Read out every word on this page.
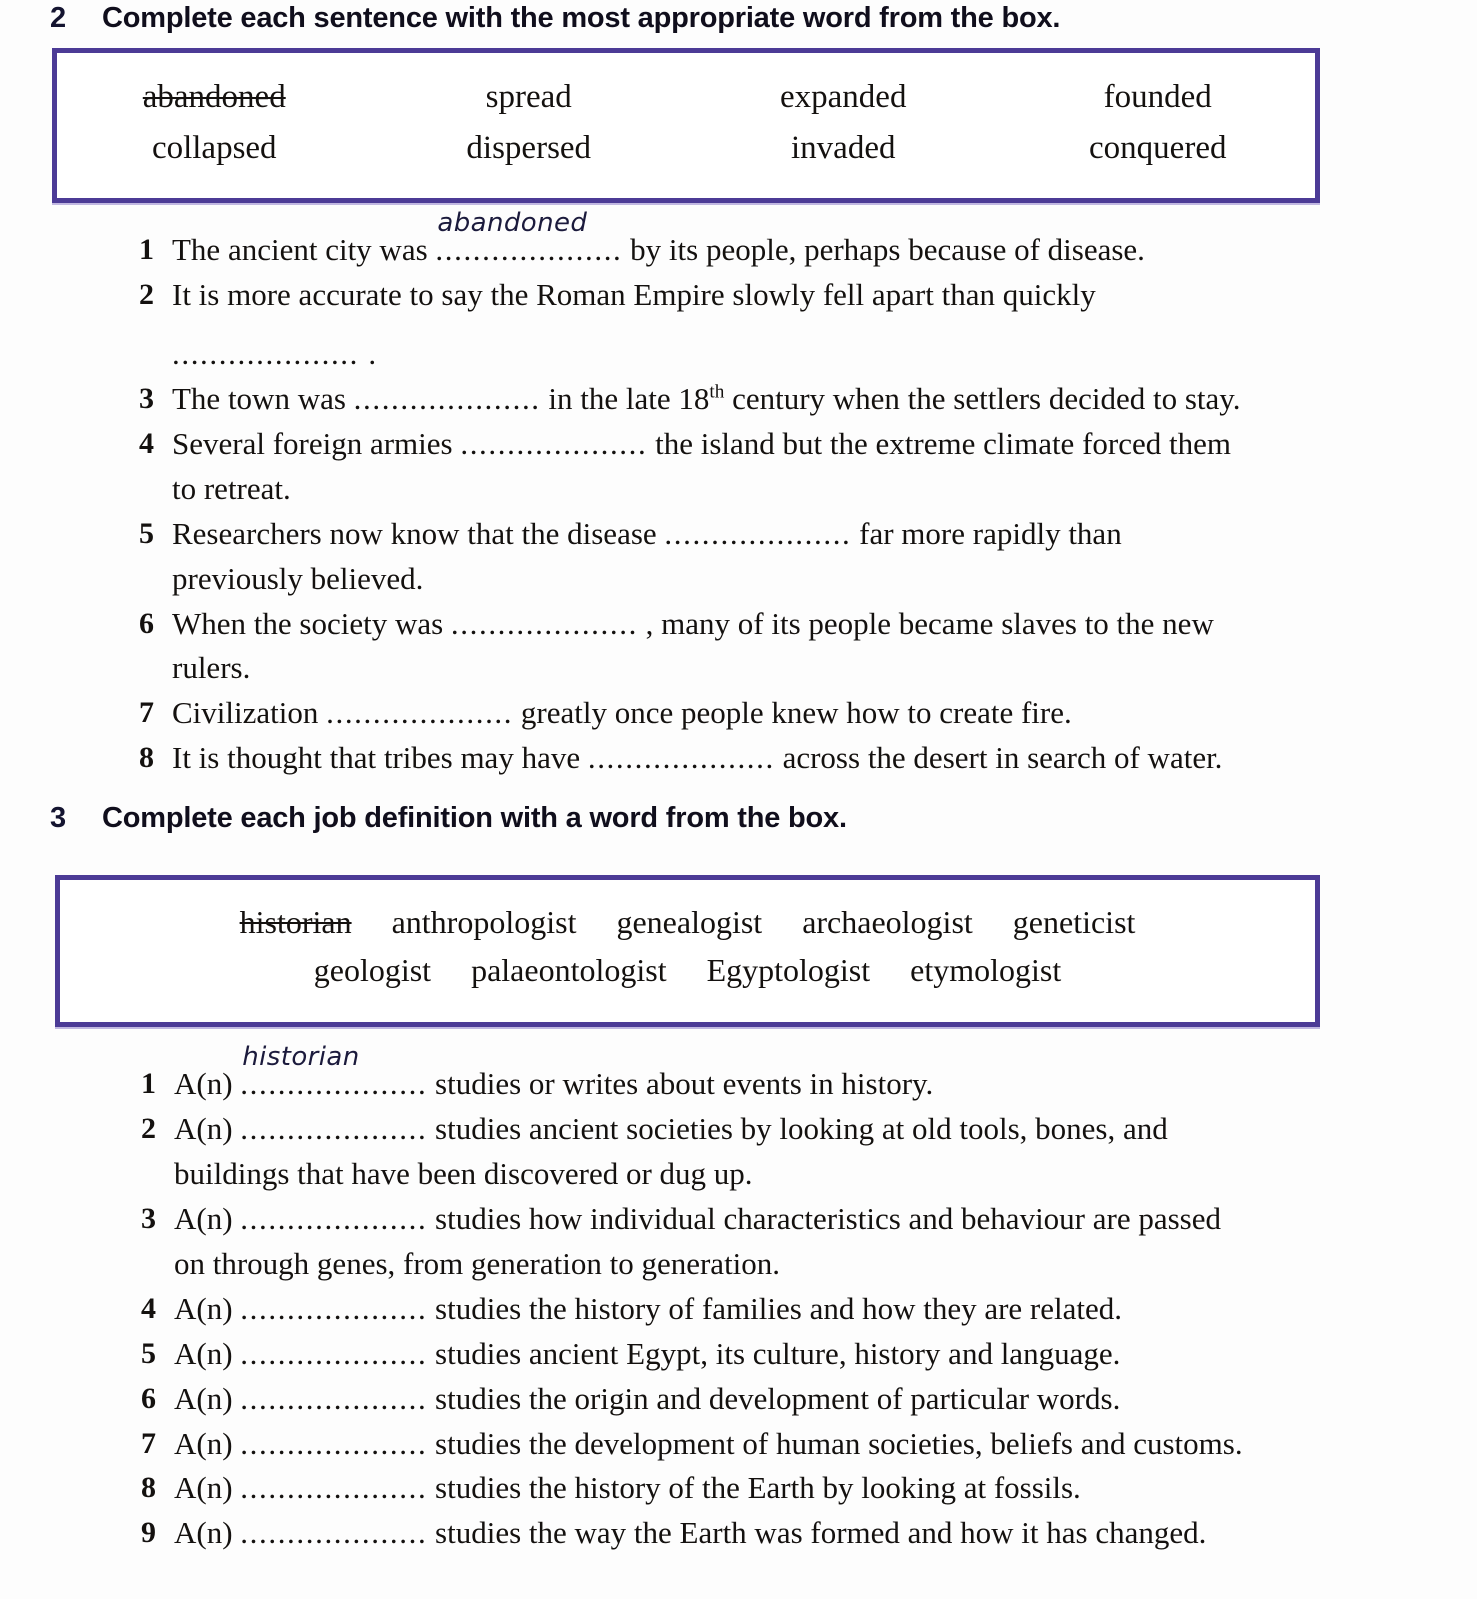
2	Complete each sentence with the most appropriate word from the box.
abandoned	spread	expanded	founded
collapsed	dispersed	invaded	conquered
1 The ancient city was ....................
abandoned
by its people, perhaps because of disease.
2 It is more accurate to say the Roman Empire slowly fell apart than quickly
.................... .
3 The town was .................... in the late 18th century when the settlers decided to stay.
4 Several foreign armies .................... the island but the extreme climate forced them
to retreat.
5 Researchers now know that the disease .................... far more rapidly than
previously believed.
6 When the society was .................... , many of its people became slaves to the new
rulers.
7 Civilization .................... greatly once people knew how to create fire.
8 It is thought that tribes may have .................... across the desert in search of water.
3	Complete each job definition with a word from the box.
historian	anthropologist	genealogist	archaeologist	geneticist
geologist	palaeontologist	Egyptologist	etymologist
1 A(n) ....................
historian
studies or writes about events in history.
2 A(n) .................... studies ancient societies by looking at old tools, bones, and
buildings that have been discovered or dug up.
3 A(n) .................... studies how individual characteristics and behaviour are passed
on through genes, from generation to generation.
4 A(n) .................... studies the history of families and how they are related.
5 A(n) .................... studies ancient Egypt, its culture, history and language.
6 A(n) .................... studies the origin and development of particular words.
7 A(n) .................... studies the development of human societies, beliefs and customs.
8 A(n) .................... studies the history of the Earth by looking at fossils.
9 A(n) .................... studies the way the Earth was formed and how it has changed.
